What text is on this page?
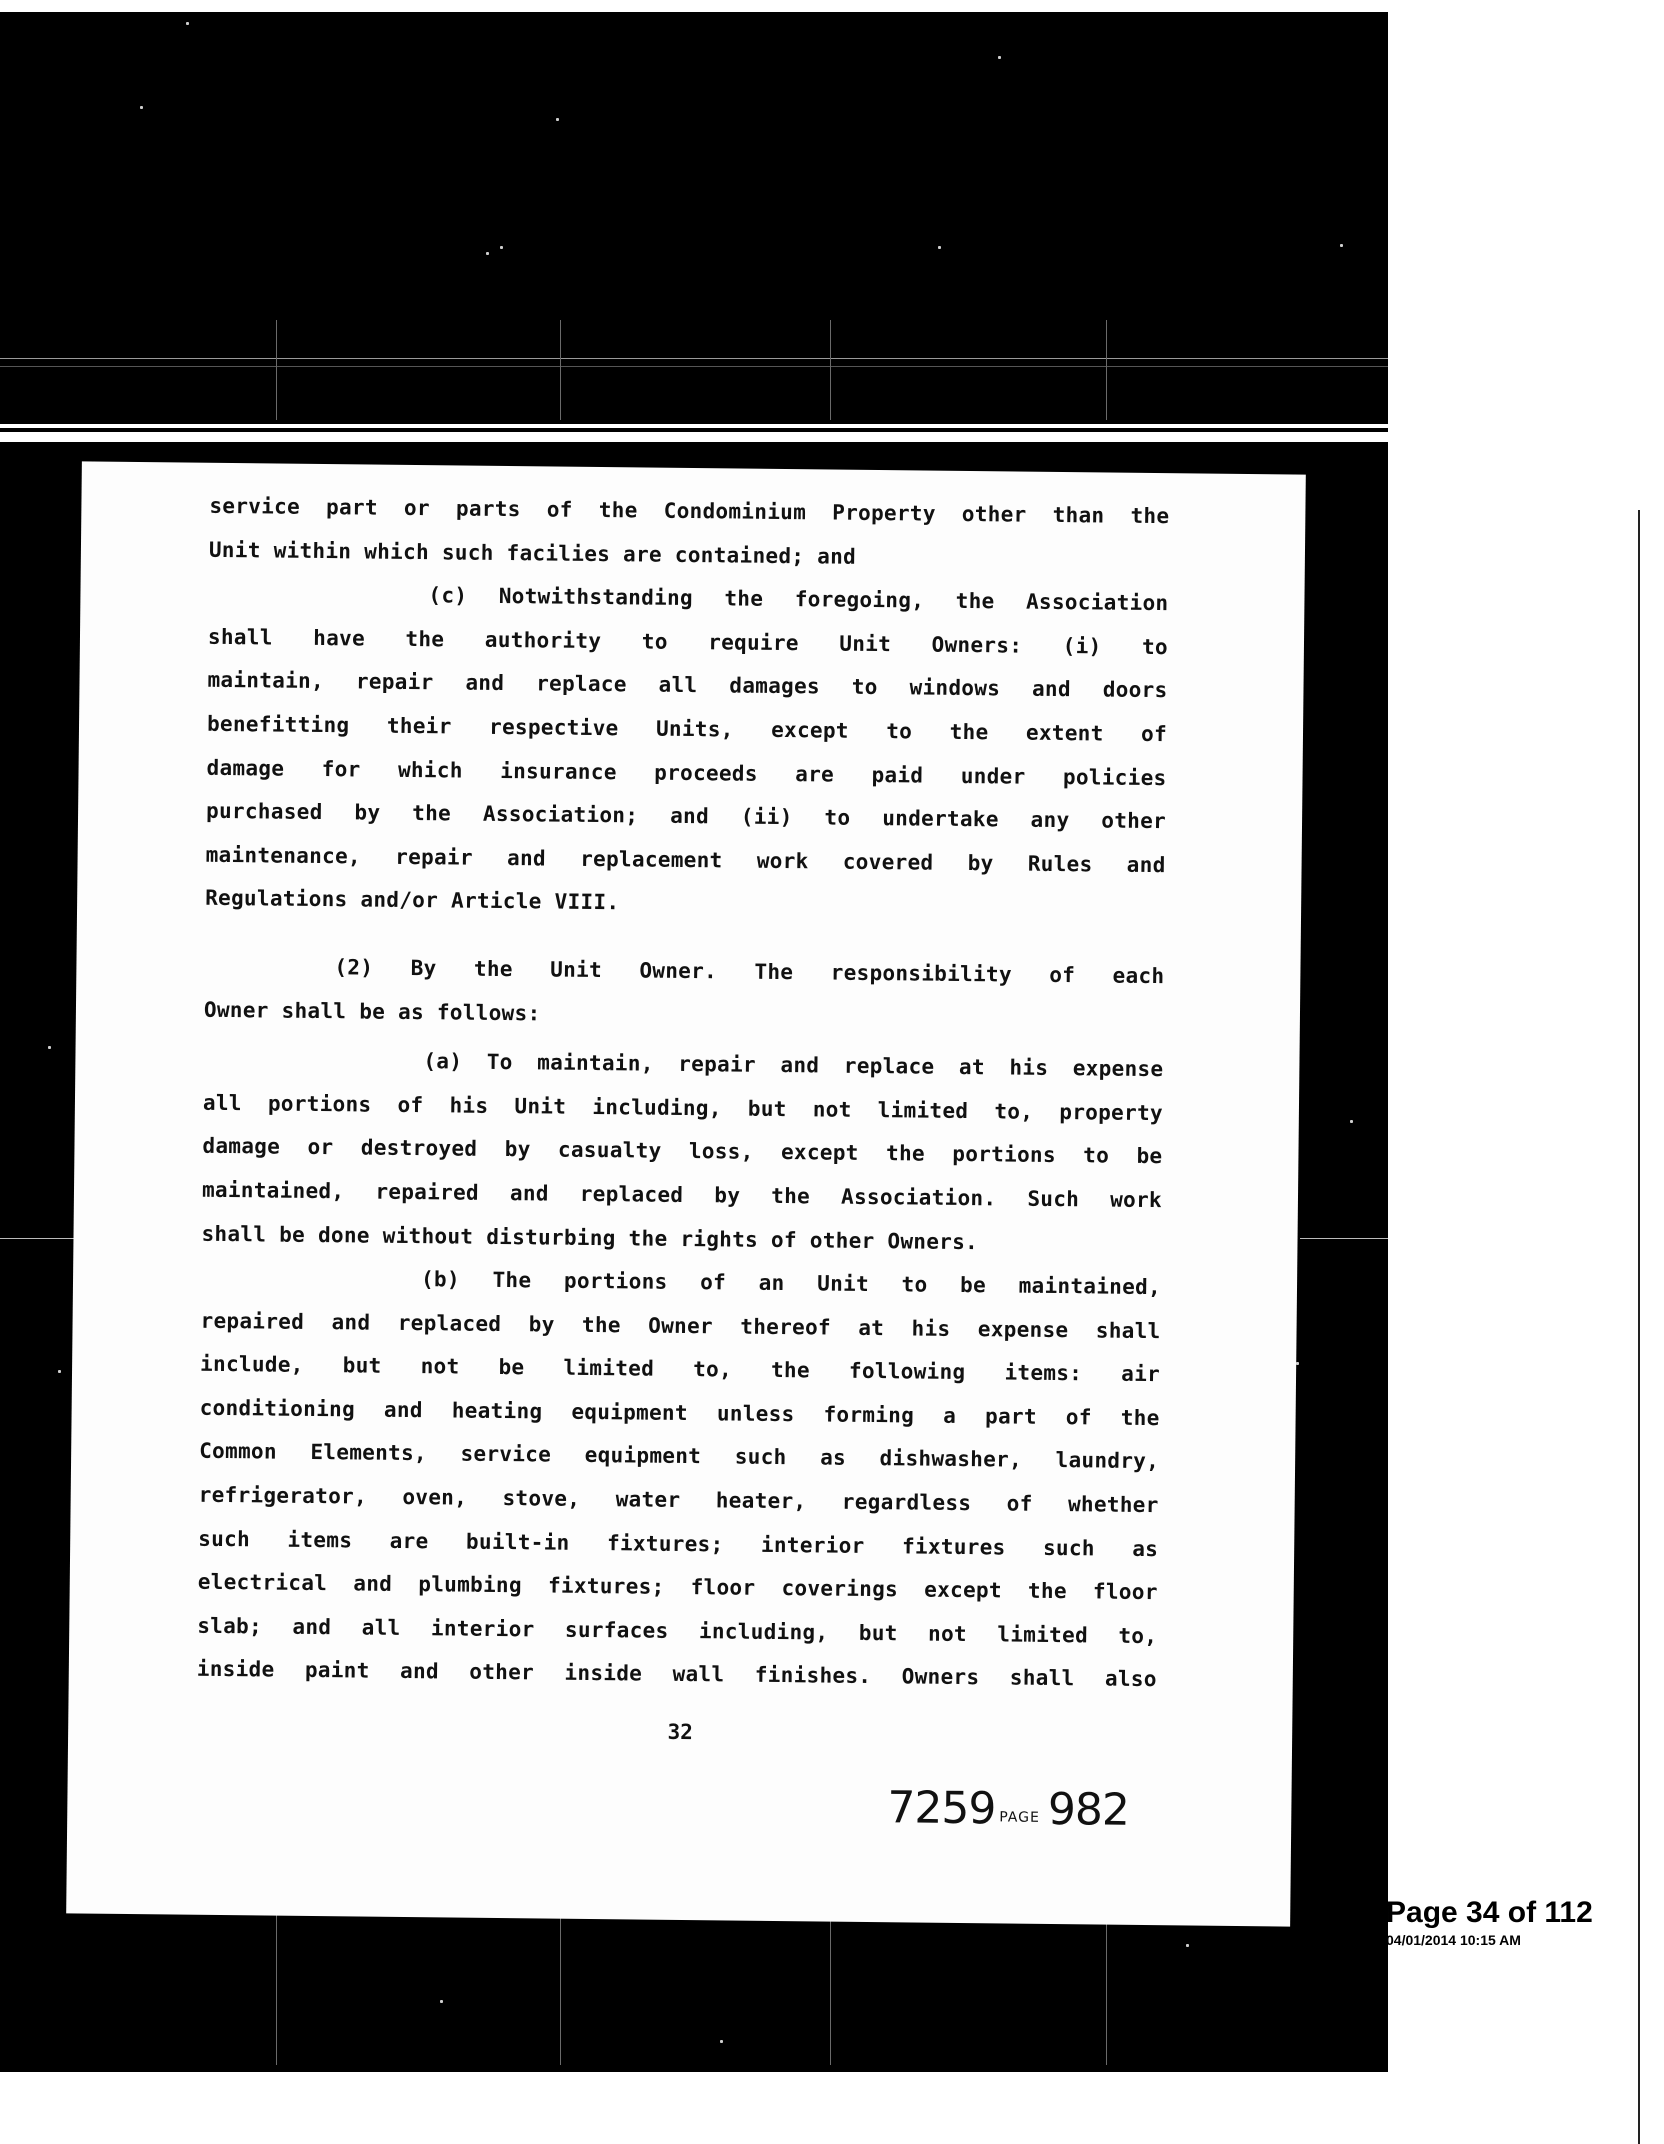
service part or parts of the Condominium Property other than the

Unit within which such facilies are contained; and

(c) Notwithstanding the foregoing, the Association

shall have the authority to require Unit Owners: (i) to

maintain, repair and replace all damages to windows and doors

benefitting their respective Units, except to the extent of

damage for which insurance proceeds are paid under policies

purchased by the Association; and (ii) to undertake any other

maintenance, repair and replacement work covered by Rules and

Regulations and/or Article VIII.

(2) By the Unit Owner. The responsibility of each

Owner shall be as follows:

(a) To maintain, repair and replace at his expense

all portions of his Unit including, but not limited to, property

damage or destroyed by casualty loss, except the portions to be

maintained, repaired and replaced by the Association. Such work

shall be done without disturbing the rights of other Owners.

(b) The portions of an Unit to be maintained,

repaired and replaced by the Owner thereof at his expense shall

include, but not be limited to, the following items: air

conditioning and heating equipment unless forming a part of the

Common Elements, service equipment such as dishwasher, laundry,

refrigerator, oven, stove, water heater, regardless of whether

such items are built-in fixtures; interior fixtures such as

electrical and plumbing fixtures; floor coverings except the floor

slab; and all interior surfaces including, but not limited to,

inside paint and other inside wall finishes. Owners shall also

32
7259 PAGE 982
Page 34 of 112
04/01/2014 10:15 AM
